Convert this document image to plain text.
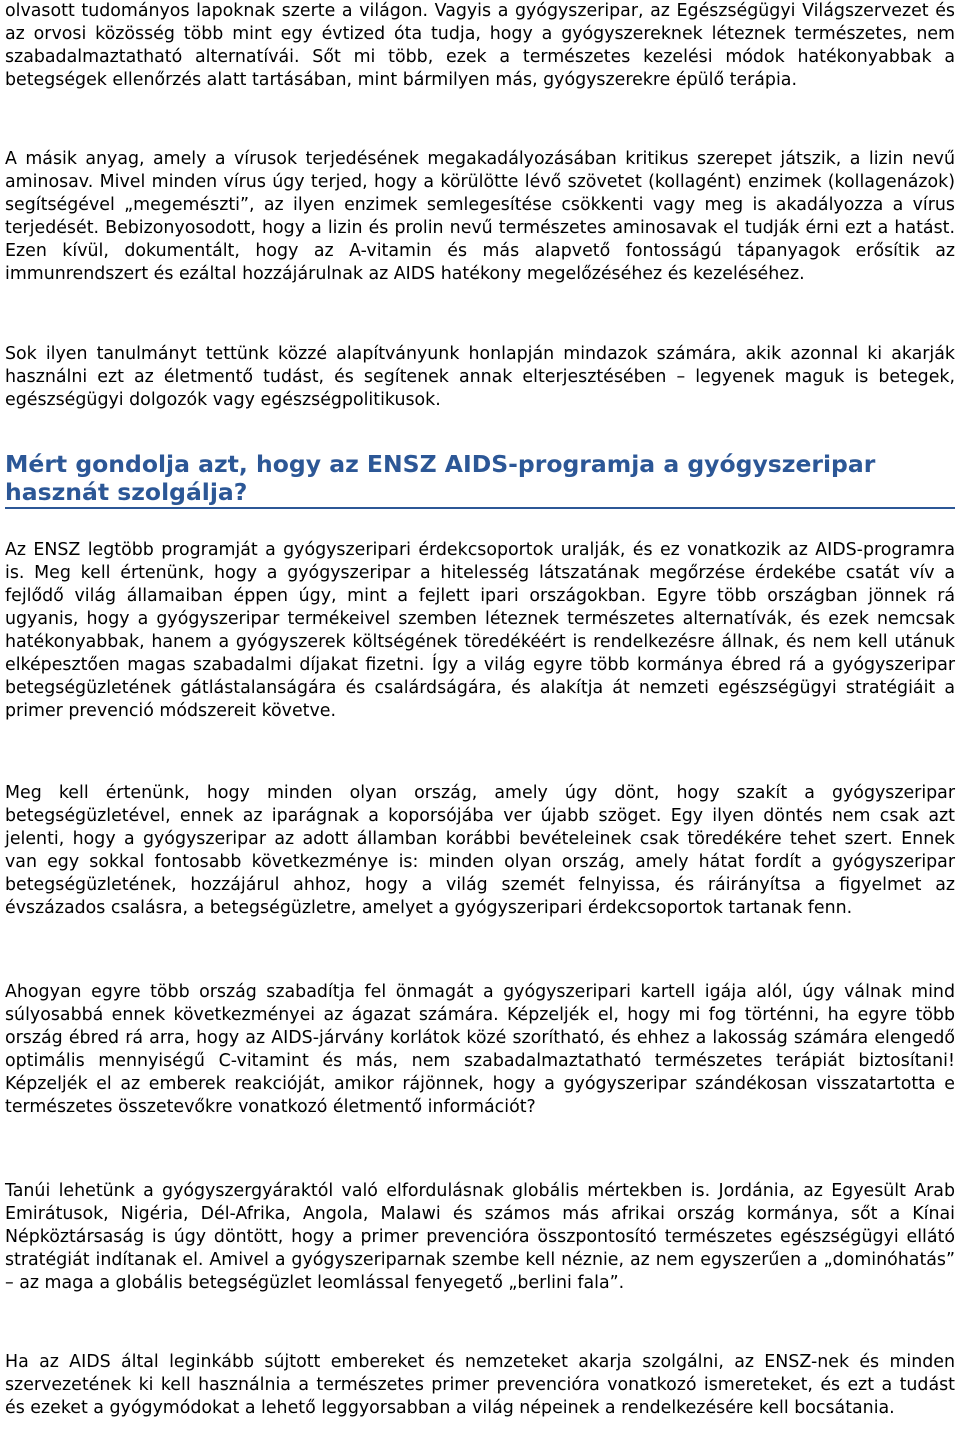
olvasott tudományos lapoknak szerte a világon. Vagyis a gyógyszeripar, az Egészségügyi Világszervezet és az orvosi közösség több mint egy évtized óta tudja, hogy a gyógyszereknek léteznek természetes, nem szabadalmaztatható alternatívái. Sőt mi több, ezek a természetes kezelési módok hatékonyabbak a betegségek ellenőrzés alatt tartásában, mint bármilyen más, gyógyszerekre épülő terápia.

A másik anyag, amely a vírusok terjedésének megakadályozásában kritikus szerepet játszik, a lizin nevű aminosav. Mivel minden vírus úgy terjed, hogy a körülötte lévő szövetet (kollagént) enzimek (kollagenázok) segítségével „megemészti”, az ilyen enzimek semlegesítése csökkenti vagy meg is akadályozza a vírus terjedését. Bebizonyosodott, hogy a lizin és prolin nevű természetes aminosavak el tudják érni ezt a hatást. Ezen kívül, dokumentált, hogy az A-vitamin és más alapvető fontosságú tápanyagok erősítik az immunrendszert és ezáltal hozzájárulnak az AIDS hatékony megelőzéséhez és kezeléséhez.

Sok ilyen tanulmányt tettünk közzé alapítványunk honlapján mindazok számára, akik azonnal ki akarják használni ezt az életmentő tudást, és segítenek annak elterjesztésében – legyenek maguk is betegek, egészségügyi dolgozók vagy egészségpolitikusok.

Mért gondolja azt, hogy az ENSZ AIDS-programja a gyógyszeripar hasznát szolgálja?

Az ENSZ legtöbb programját a gyógyszeripari érdekcsoportok uralják, és ez vonatkozik az AIDS-programra is. Meg kell értenünk, hogy a gyógyszeripar a hitelesség látszatának megőrzése érdekébe csatát vív a fejlődő világ államaiban éppen úgy, mint a fejlett ipari országokban. Egyre több országban jönnek rá ugyanis, hogy a gyógyszeripar termékeivel szemben léteznek természetes alternatívák, és ezek nemcsak hatékonyabbak, hanem a gyógyszerek költségének töredékéért is rendelkezésre állnak, és nem kell utánuk elképesztően magas szabadalmi díjakat fizetni. Így a világ egyre több kormánya ébred rá a gyógyszeripar betegségüzletének gátlástalanságára és csalárdságára, és alakítja át nemzeti egészségügyi stratégiáit a primer prevenció módszereit követve.

Meg kell értenünk, hogy minden olyan ország, amely úgy dönt, hogy szakít a gyógyszeripar betegségüzletével, ennek az iparágnak a koporsójába ver újabb szöget. Egy ilyen döntés nem csak azt jelenti, hogy a gyógyszeripar az adott államban korábbi bevételeinek csak töredékére tehet szert. Ennek van egy sokkal fontosabb következménye is: minden olyan ország, amely hátat fordít a gyógyszeripar betegségüzletének, hozzájárul ahhoz, hogy a világ szemét felnyissa, és ráirányítsa a figyelmet az évszázados csalásra, a betegségüzletre, amelyet a gyógyszeripari érdekcsoportok tartanak fenn.

Ahogyan egyre több ország szabadítja fel önmagát a gyógyszeripari kartell igája alól, úgy válnak mind súlyosabbá ennek következményei az ágazat számára. Képzeljék el, hogy mi fog történni, ha egyre több ország ébred rá arra, hogy az AIDS-járvány korlátok közé szorítható, és ehhez a lakosság számára elengedő optimális mennyiségű C-vitamint és más, nem szabadalmaztatható természetes terápiát biztosítani! Képzeljék el az emberek reakcióját, amikor rájönnek, hogy a gyógyszeripar szándékosan visszatartotta e természetes összetevőkre vonatkozó életmentő információt?

Tanúi lehetünk a gyógyszergyáraktól való elfordulásnak globális mértekben is. Jordánia, az Egyesült Arab Emirátusok, Nigéria, Dél-Afrika, Angola, Malawi és számos más afrikai ország kormánya, sőt a Kínai Népköztársaság is úgy döntött, hogy a primer prevencióra összpontosító természetes egészségügyi ellátó stratégiát indítanak el. Amivel a gyógyszeriparnak szembe kell néznie, az nem egyszerűen a „dominóhatás” – az maga a globális betegségüzlet leomlással fenyegető „berlini fala”.

Ha az AIDS által leginkább sújtott embereket és nemzeteket akarja szolgálni, az ENSZ-nek és minden szervezetének ki kell használnia a természetes primer prevencióra vonatkozó ismereteket, és ezt a tudást és ezeket a gyógymódokat a lehető leggyorsabban a világ népeinek a rendelkezésére kell bocsátania.
